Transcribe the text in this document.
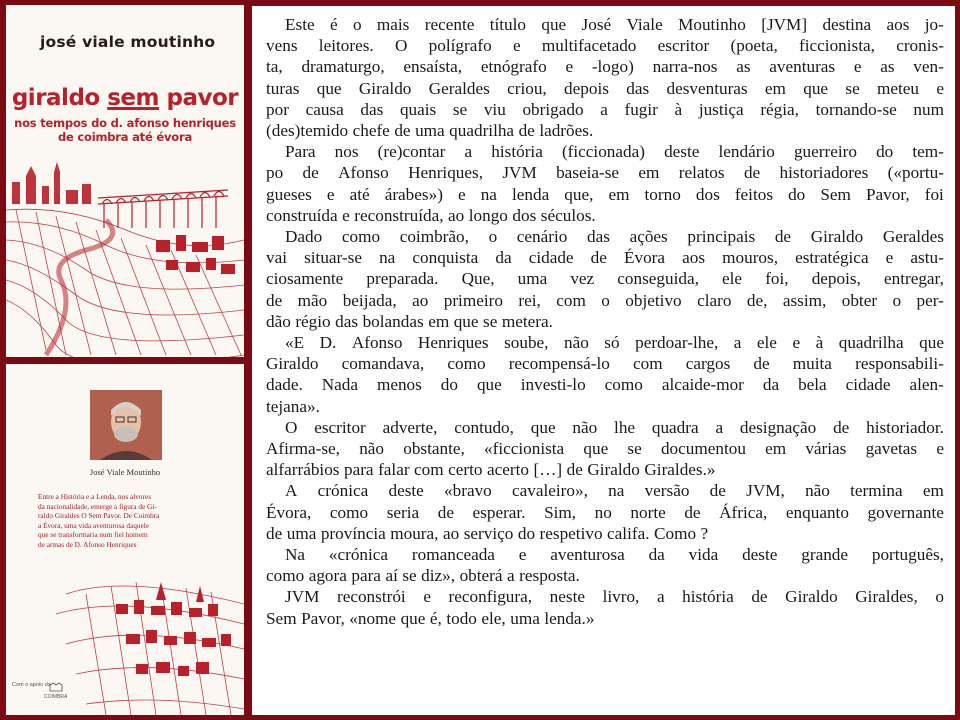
josé viale moutinho
giraldo sem pavor
nos tempos do d. afonso henriques
de coimbra até évora
José Viale Moutinho
Entre a História e a Lenda, nos alvores
da nacionalidade, emerge a figura de Gi-
raldo Giraldes O Sem Pavor. De Coimbra
a Évora, uma vida aventurosa daquele
que se transformaria num fiel homem
de armas de D. Afonso Henriques
Com o apoio da
COIMBRA
Este é o mais recente título que José Viale Moutinho [JVM] destina aos jo-
vens leitores. O polígrafo e multifacetado escritor (poeta, ficcionista, cronis-
ta, dramaturgo, ensaísta, etnógrafo e -logo) narra-nos as aventuras e as ven-
turas que Giraldo Geraldes criou, depois das desventuras em que se meteu e
por causa das quais se viu obrigado a fugir à justiça régia, tornando-se num
(des)temido chefe de uma quadrilha de ladrões.
Para nos (re)contar a história (ficcionada) deste lendário guerreiro do tem-
po de Afonso Henriques, JVM baseia-se em relatos de historiadores («portu-
gueses e até árabes») e na lenda que, em torno dos feitos do Sem Pavor, foi
construída e reconstruída, ao longo dos séculos.
Dado como coimbrão, o cenário das ações principais de Giraldo Geraldes
vai situar-se na conquista da cidade de Évora aos mouros, estratégica e astu-
ciosamente preparada. Que, uma vez conseguida, ele foi, depois, entregar,
de mão beijada, ao primeiro rei, com o objetivo claro de, assim, obter o per-
dão régio das bolandas em que se metera.
«E D. Afonso Henriques soube, não só perdoar-lhe, a ele e à quadrilha que
Giraldo comandava, como recompensá-lo com cargos de muita responsabili-
dade. Nada menos do que investi-lo como alcaide-mor da bela cidade alen-
tejana».
O escritor adverte, contudo, que não lhe quadra a designação de historiador.
Afirma-se, não obstante, «ficcionista que se documentou em várias gavetas e
alfarrábios para falar com certo acerto […] de Giraldo Giraldes.»
A crónica deste «bravo cavaleiro», na versão de JVM, não termina em
Évora, como seria de esperar. Sim, no norte de África, enquanto governante
de uma província moura, ao serviço do respetivo califa. Como ?
Na «crónica romanceada e aventurosa da vida deste grande português,
como agora para aí se diz», obterá a resposta.
JVM reconstrói e reconfigura, neste livro, a história de Giraldo Giraldes, o
Sem Pavor, «nome que é, todo ele, uma lenda.»
